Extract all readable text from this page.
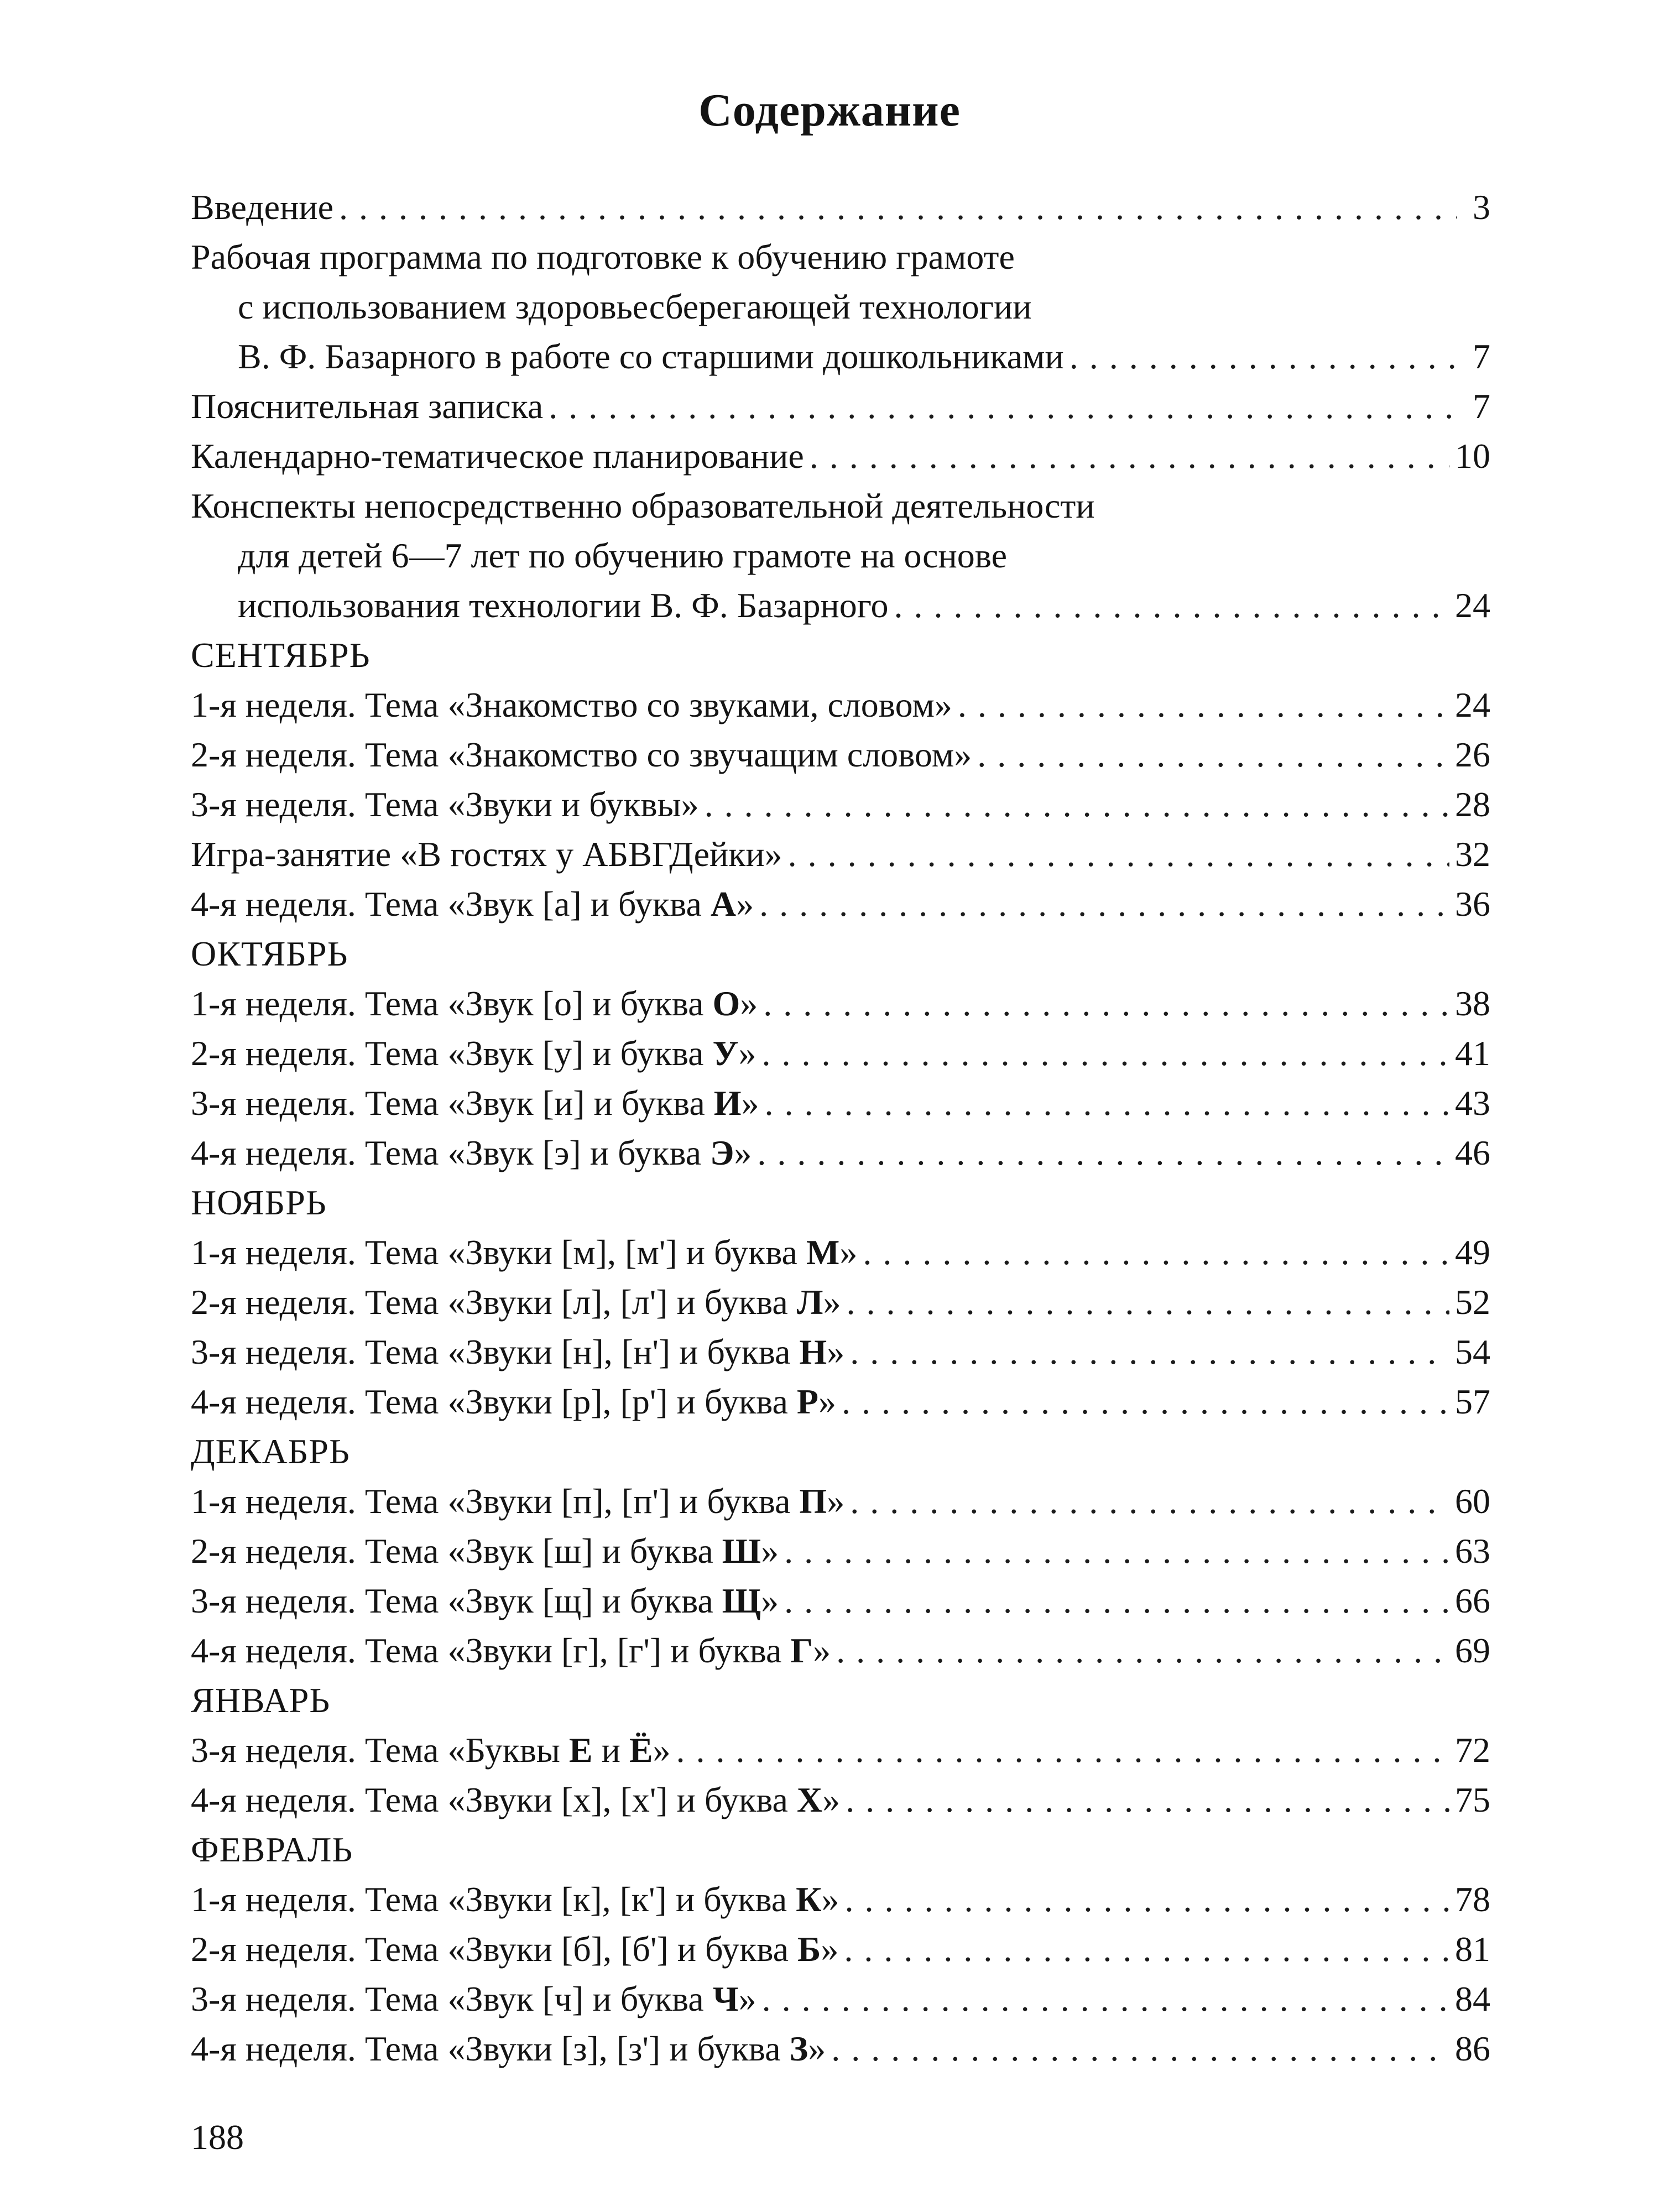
Содержание
Введение . . .	3
Рабочая программа по подготовке к обучению грамоте
с использованием здоровьесберегающей технологии
В. Ф. Базарного в работе со старшими дошкольниками . . .	7
Пояснительная записка . . .	7
Календарно-тематическое планирование . . .	10
Конспекты непосредственно образовательной деятельности
для детей 6—7 лет по обучению грамоте на основе
использования технологии В. Ф. Базарного . . .	24
СЕНТЯБРЬ
1-я неделя. Тема «Знакомство со звуками, словом» . . .	24
2-я неделя. Тема «Знакомство со звучащим словом» . . .	26
3-я неделя. Тема «Звуки и буквы» . . .	28
Игра-занятие «В гостях у АБВГДейки» . . .	32
4-я неделя. Тема «Звук [а] и буква А» . . .	36
ОКТЯБРЬ
1-я неделя. Тема «Звук [о] и буква О» . . .	38
2-я неделя. Тема «Звук [у] и буква У» . . .	41
3-я неделя. Тема «Звук [и] и буква И» . . .	43
4-я неделя. Тема «Звук [э] и буква Э» . . .	46
НОЯБРЬ
1-я неделя. Тема «Звуки [м], [м'] и буква М» . . .	49
2-я неделя. Тема «Звуки [л], [л'] и буква Л» . . .	52
3-я неделя. Тема «Звуки [н], [н'] и буква Н» . . .	54
4-я неделя. Тема «Звуки [р], [р'] и буква Р» . . .	57
ДЕКАБРЬ
1-я неделя. Тема «Звуки [п], [п'] и буква П» . . .	60
2-я неделя. Тема «Звук [ш] и буква Ш» . . .	63
3-я неделя. Тема «Звук [щ] и буква Щ» . . .	66
4-я неделя. Тема «Звуки [г], [г'] и буква Г» . . .	69
ЯНВАРЬ
3-я неделя. Тема «Буквы Е и Ё» . . .	72
4-я неделя. Тема «Звуки [х], [х'] и буква Х» . . .	75
ФЕВРАЛЬ
1-я неделя. Тема «Звуки [к], [к'] и буква К» . . .	78
2-я неделя. Тема «Звуки [б], [б'] и буква Б» . . .	81
3-я неделя. Тема «Звук [ч] и буква Ч» . . .	84
4-я неделя. Тема «Звуки [з], [з'] и буква З» . . .	86
188
